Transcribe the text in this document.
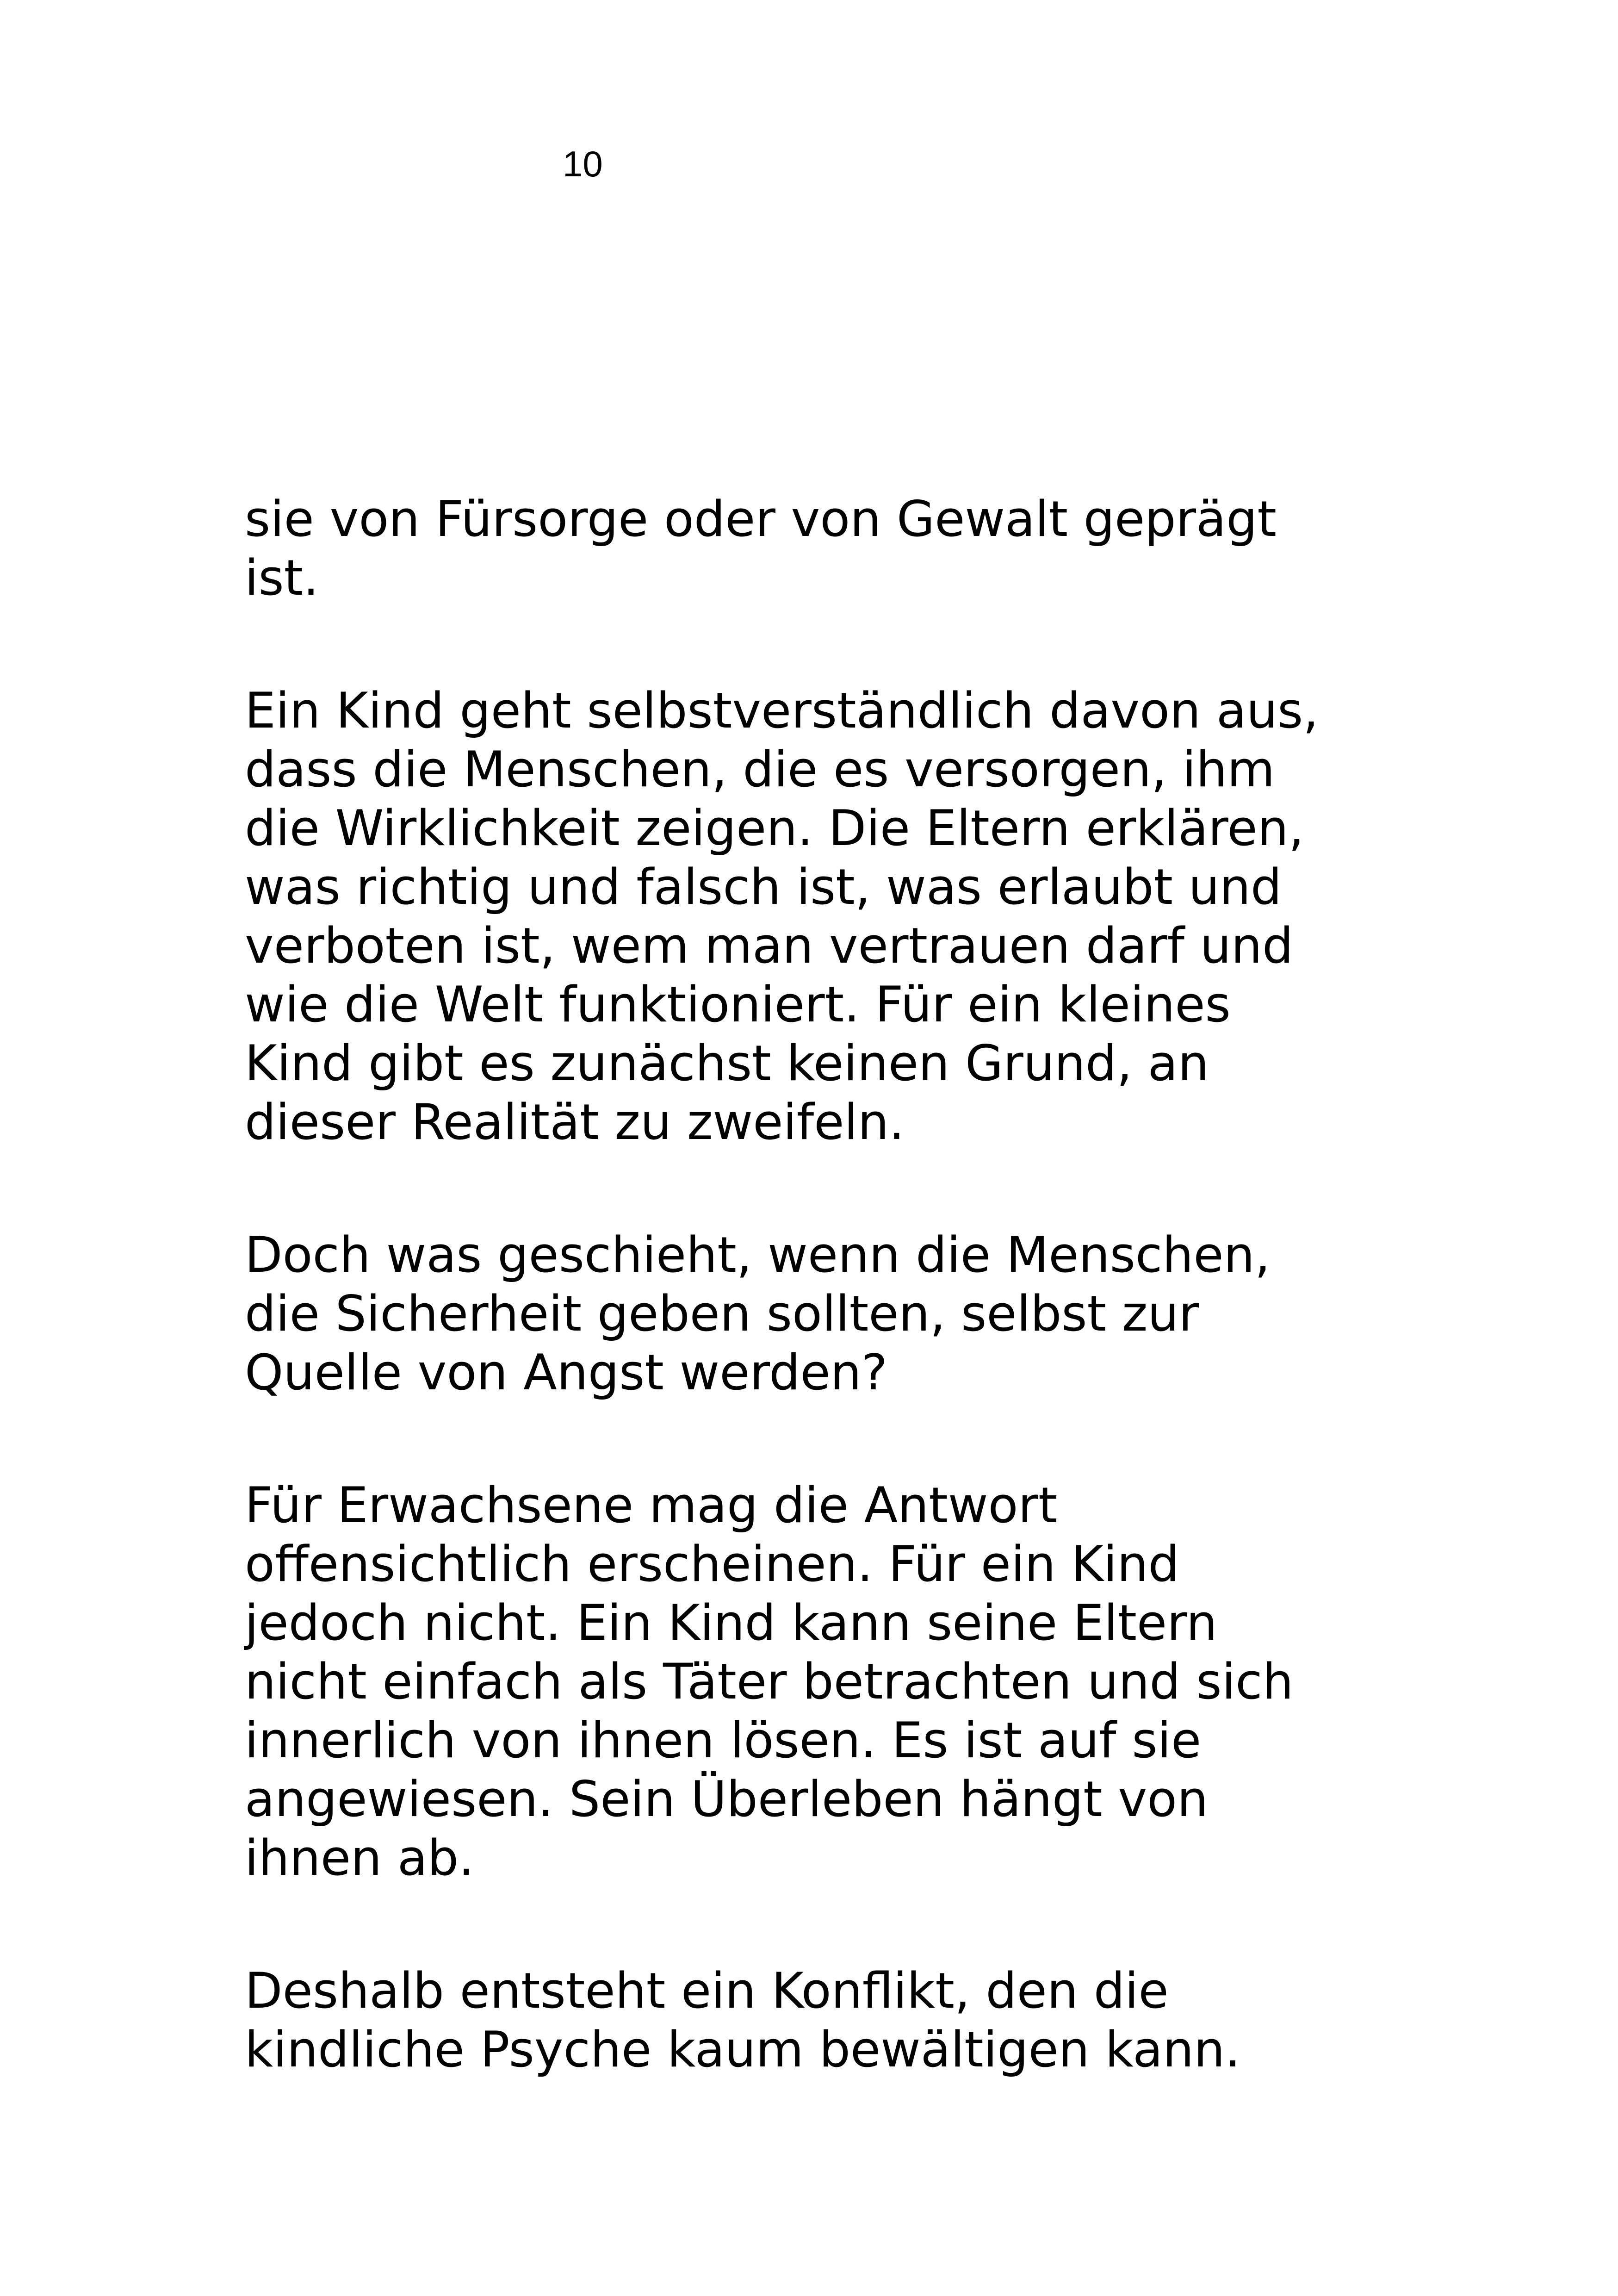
10

sie von Fürsorge oder von Gewalt geprägt
ist.

Ein Kind geht selbstverständlich davon aus,
dass die Menschen, die es versorgen, ihm
die Wirklichkeit zeigen. Die Eltern erklären,
was richtig und falsch ist, was erlaubt und
verboten ist, wem man vertrauen darf und
wie die Welt funktioniert. Für ein kleines
Kind gibt es zunächst keinen Grund, an
dieser Realität zu zweifeln.

Doch was geschieht, wenn die Menschen,
die Sicherheit geben sollten, selbst zur
Quelle von Angst werden?

Für Erwachsene mag die Antwort
offensichtlich erscheinen. Für ein Kind
jedoch nicht. Ein Kind kann seine Eltern
nicht einfach als Täter betrachten und sich
innerlich von ihnen lösen. Es ist auf sie
angewiesen. Sein Überleben hängt von
ihnen ab.

Deshalb entsteht ein Konflikt, den die
kindliche Psyche kaum bewältigen kann.
